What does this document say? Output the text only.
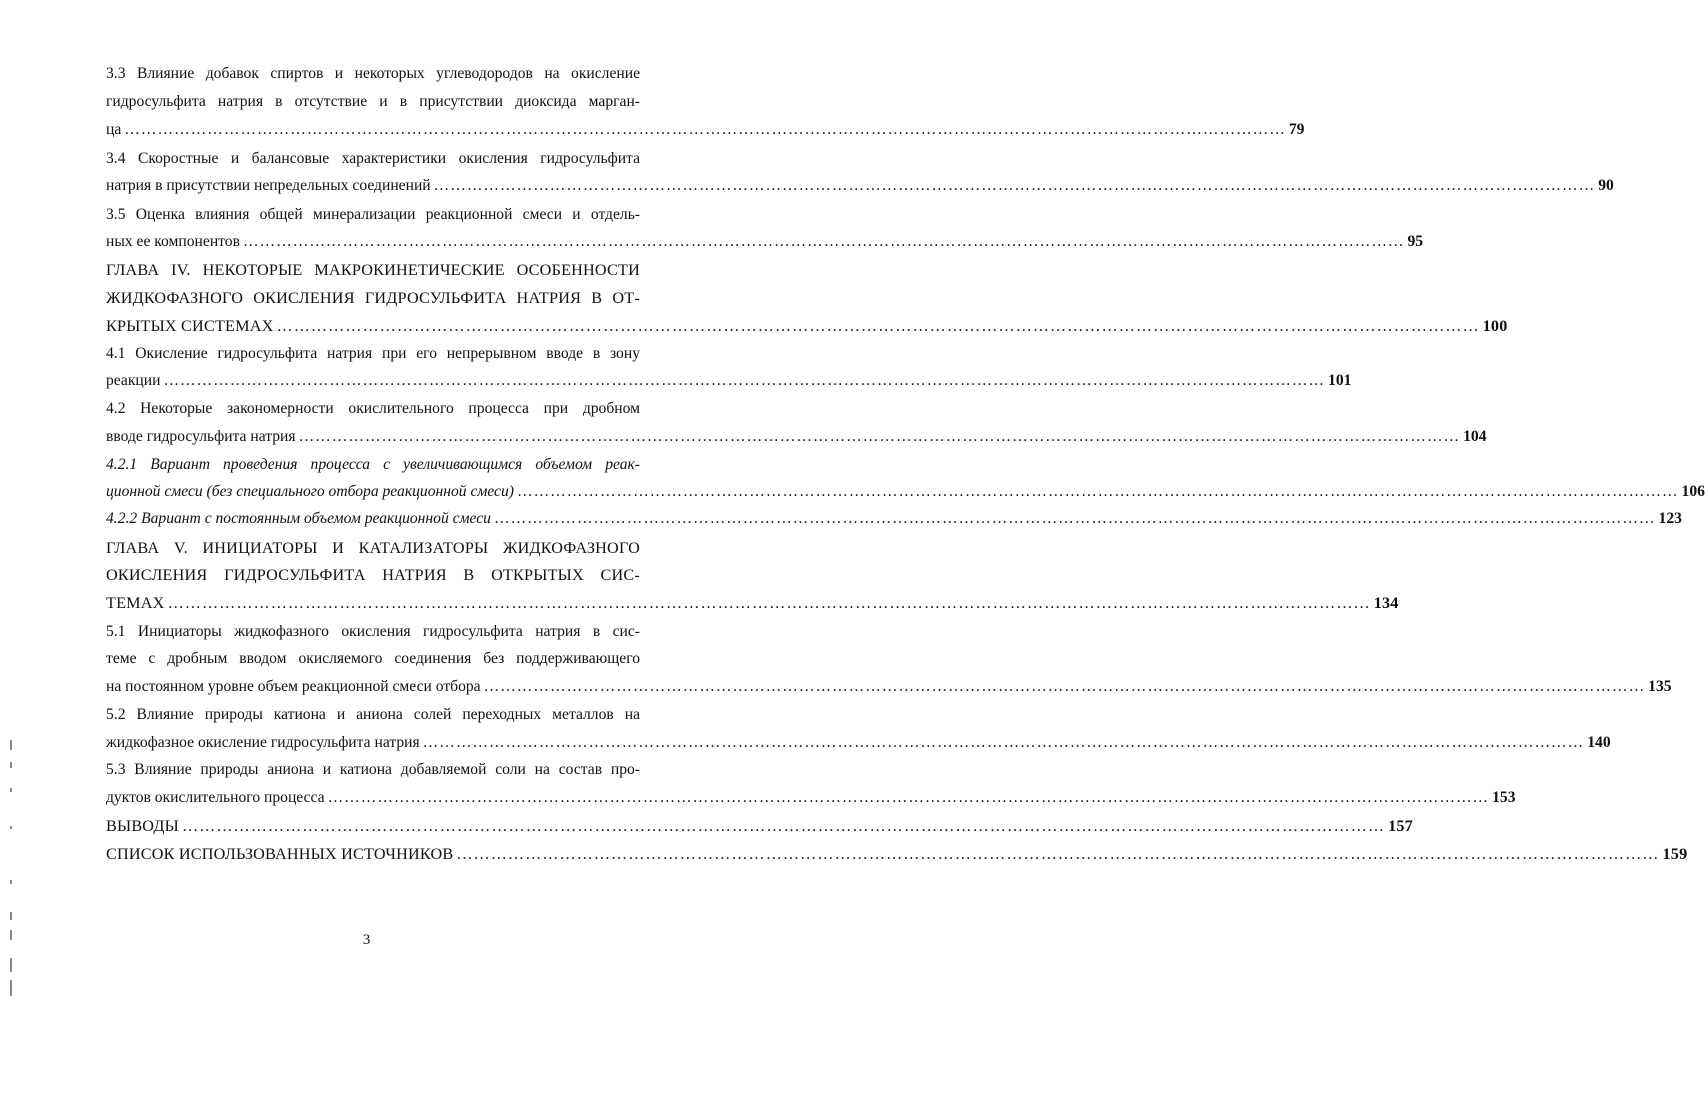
3.3 Влияние добавок спиртов и некоторых углеводородов на окисление
гидросульфита натрия в отсутствие и в присутствии диоксида марган-
ца ………………………………………………………………………………………………………………………………………………………………………………………… 79
3.4 Скоростные и балансовые характеристики окисления гидросульфита
натрия в присутствии непредельных соединений ………………………………………………………………………………………………………………………………………………………………………………………… 90
3.5 Оценка влияния общей минерализации реакционной смеси и отдель-
ных ее компонентов ………………………………………………………………………………………………………………………………………………………………………………………… 95
ГЛАВА IV. НЕКОТОРЫЕ МАКРОКИНЕТИЧЕСКИЕ ОСОБЕННОСТИ
ЖИДКОФАЗНОГО ОКИСЛЕНИЯ ГИДРОСУЛЬФИТА НАТРИЯ В ОТ-
КРЫТЫХ СИСТЕМАХ ………………………………………………………………………………………………………………………………………………………………………………………… 100
4.1 Окисление гидросульфита натрия при его непрерывном вводе в зону
реакции ………………………………………………………………………………………………………………………………………………………………………………………… 101
4.2 Некоторые закономерности окислительного процесса при дробном
вводе гидросульфита натрия ………………………………………………………………………………………………………………………………………………………………………………………… 104
4.2.1 Вариант проведения процесса с увеличивающимся объемом реак-
ционной смеси (без специального отбора реакционной смеси) ………………………………………………………………………………………………………………………………………………………………………………………… 106
4.2.2 Вариант с постоянным объемом реакционной смеси ………………………………………………………………………………………………………………………………………………………………………………………… 123
ГЛАВА V. ИНИЦИАТОРЫ И КАТАЛИЗАТОРЫ ЖИДКОФАЗНОГО
ОКИСЛЕНИЯ ГИДРОСУЛЬФИТА НАТРИЯ В ОТКРЫТЫХ СИС-
ТЕМАХ ………………………………………………………………………………………………………………………………………………………………………………………… 134
5.1 Инициаторы жидкофазного окисления гидросульфита натрия в сис-
теме с дробным вводом окисляемого соединения без поддерживающего
на постоянном уровне объем реакционной смеси отбора ………………………………………………………………………………………………………………………………………………………………………………………… 135
5.2 Влияние природы катиона и аниона солей переходных металлов на
жидкофазное окисление гидросульфита натрия ………………………………………………………………………………………………………………………………………………………………………………………… 140
5.3 Влияние природы аниона и катиона добавляемой соли на состав про-
дуктов окислительного процесса ………………………………………………………………………………………………………………………………………………………………………………………… 153
ВЫВОДЫ ………………………………………………………………………………………………………………………………………………………………………………………… 157
СПИСОК ИСПОЛЬЗОВАННЫХ ИСТОЧНИКОВ ………………………………………………………………………………………………………………………………………………………………………………………… 159
3
